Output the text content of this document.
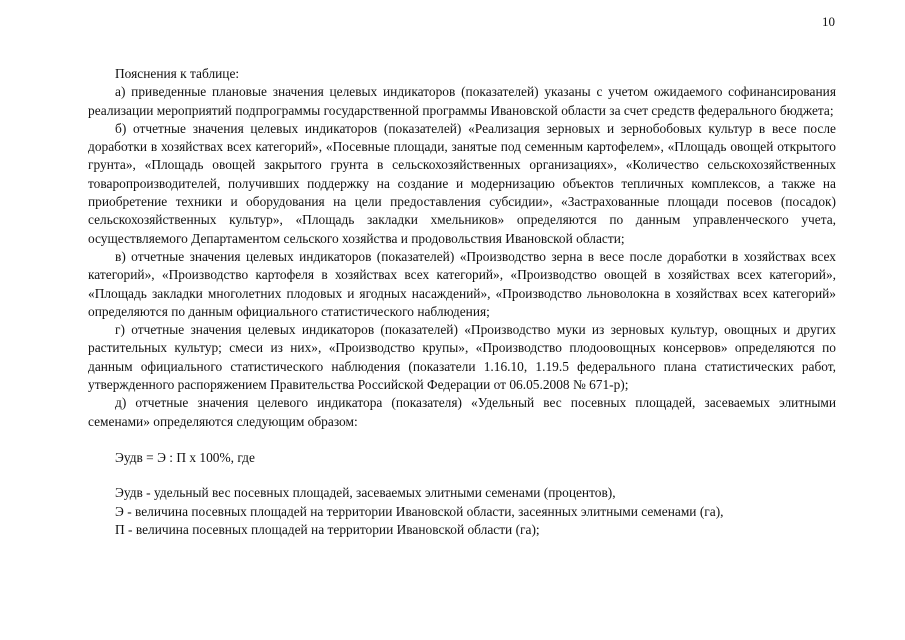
10

Пояснения к таблице:

а) приведенные плановые значения целевых индикаторов (показателей) указаны с учетом ожидаемого софинансирования реализации мероприятий подпрограммы государственной программы Ивановской области за счет средств федерального бюджета;

б) отчетные значения целевых индикаторов (показателей) «Реализация зерновых и зернобобовых культур в весе после доработки в хозяйствах всех категорий», «Посевные площади, занятые под семенным картофелем», «Площадь овощей открытого грунта», «Площадь овощей закрытого грунта в сельскохозяйственных организациях», «Количество сельскохозяйственных товаропроизводителей, получивших поддержку на создание и модернизацию объектов тепличных комплексов, а также на приобретение техники и оборудования на цели предоставления субсидии», «Застрахованные площади посевов (посадок) сельскохозяйственных культур», «Площадь закладки хмельников» определяются по данным управленческого учета, осуществляемого Департаментом сельского хозяйства и продовольствия Ивановской области;

в) отчетные значения целевых индикаторов (показателей) «Производство зерна в весе после доработки в хозяйствах всех категорий», «Производство картофеля в хозяйствах всех категорий», «Производство овощей в хозяйствах всех категорий», «Площадь закладки многолетних плодовых и ягодных насаждений», «Производство льноволокна в хозяйствах всех категорий» определяются по данным официального статистического наблюдения;

г) отчетные значения целевых индикаторов (показателей) «Производство муки из зерновых культур, овощных и других растительных культур; смеси из них», «Производство крупы», «Производство плодоовощных консервов» определяются по данным официального статистического наблюдения (показатели 1.16.10, 1.19.5 федерального плана статистических работ, утвержденного распоряжением Правительства Российской Федерации от 06.05.2008 № 671-р);

д) отчетные значения целевого индикатора (показателя) «Удельный вес посевных площадей, засеваемых элитными семенами» определяются следующим образом:

Эудв = Э : П x 100%, где

Эудв - удельный вес посевных площадей, засеваемых элитными семенами (процентов),

Э - величина посевных площадей на территории Ивановской области, засеянных элитными семенами (га),

П - величина посевных площадей на территории Ивановской области (га);
